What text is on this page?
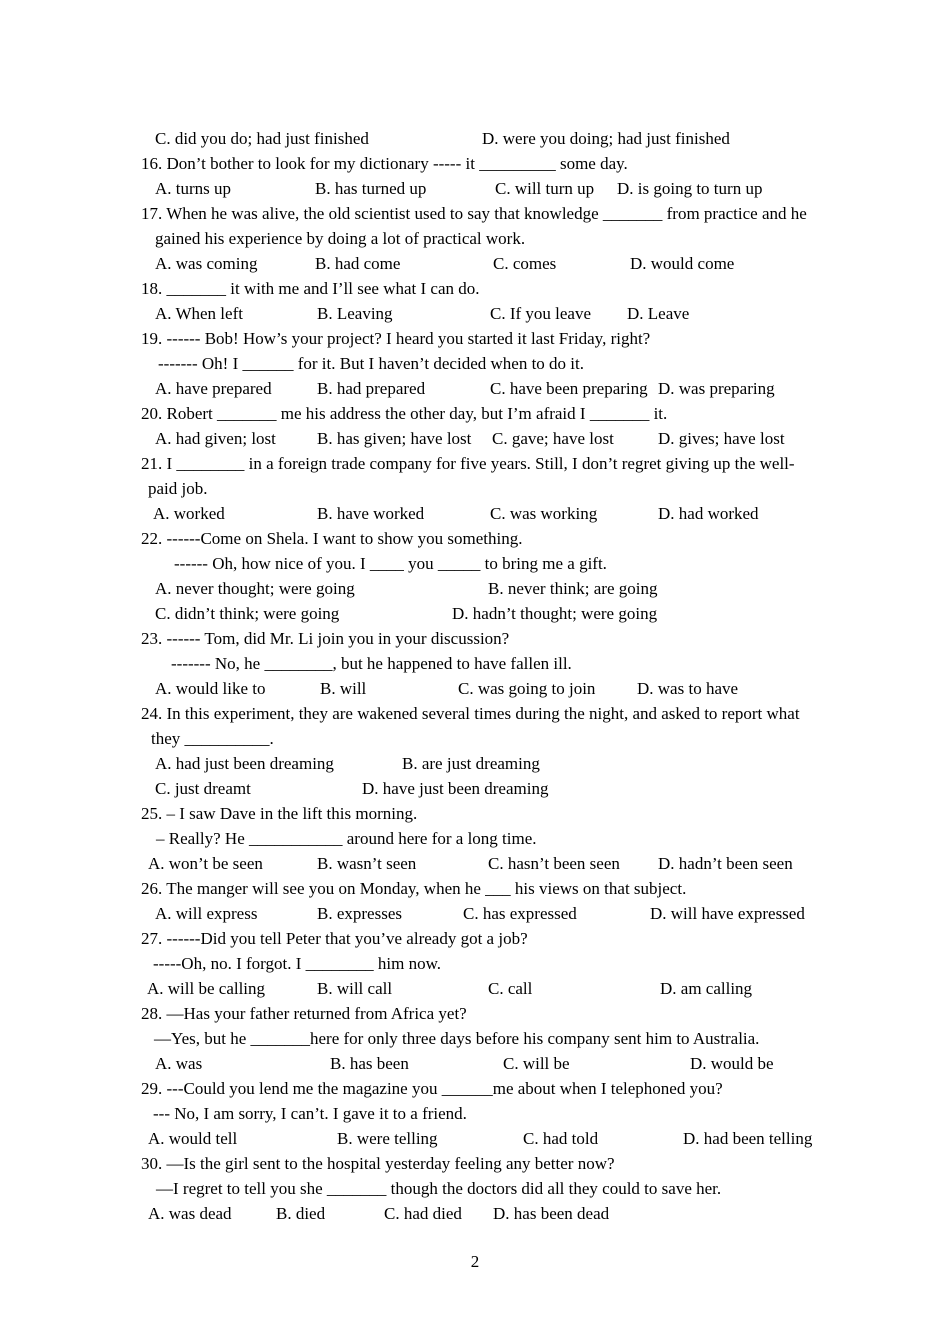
C. did you do; had just finished	D. were you doing; had just finished
16. Don’t bother to look for my dictionary ----- it _________ some day.
A. turns up	B. has turned up	C. will turn up D. is going to turn up
17. When he was alive, the old scientist used to say that knowledge _______ from practice and he
gained his experience by doing a lot of practical work.
A. was coming	B. had come	C. comes	D. would come
18. _______ it with me and I’ll see what I can do.
A. When left	B. Leaving	C. If you leave D. Leave
19. ------ Bob! How’s your project? I heard you started it last Friday, right?
------- Oh! I ______ for it. But I haven’t decided when to do it.
A. have prepared	B. had prepared	C. have been preparing D. was preparing
20. Robert _______ me his address the other day, but I’m afraid I _______ it.
A. had given; lost B. has given; have lost C. gave; have lost	D. gives; have lost
21. I ________ in a foreign trade company for five years. Still, I don’t regret giving up the well-
paid job.
A. worked	B. have worked	C. was working	D. had worked
22. ------Come on Shela. I want to show you something.
------ Oh, how nice of you. I ____ you _____ to bring me a gift.
A. never thought; were going	B. never think; are going
C. didn’t think; were going	D. hadn’t thought; were going
23. ------ Tom, did Mr. Li join you in your discussion?
------- No, he ________, but he happened to have fallen ill.
A. would like to	B. will	C. was going to join D. was to have
24. In this experiment, they are wakened several times during the night, and asked to report what
they __________.
A. had just been dreaming	B. are just dreaming
C. just dreamt	D. have just been dreaming
25. – I saw Dave in the lift this morning.
– Really? He ___________ around here for a long time.
A. won’t be seen	B. wasn’t seen	C. hasn’t been seen D. hadn’t been seen
26. The manger will see you on Monday, when he ___ his views on that subject.
A. will express	B. expresses	C. has expressed	D. will have expressed
27. ------Did you tell Peter that you’ve already got a job?
-----Oh, no. I forgot. I ________ him now.
A. will be calling	B. will call	C. call	D. am calling
28. —Has your father returned from Africa yet?
—Yes, but he _______here for only three days before his company sent him to Australia.
A. was	B. has been	C. will be	D. would be
29. ---Could you lend me the magazine you ______me about when I telephoned you?
--- No, I am sorry, I can’t. I gave it to a friend.
A. would tell	B. were telling	C. had told	D. had been telling
30. —Is the girl sent to the hospital yesterday feeling any better now?
—I regret to tell you she _______ though the doctors did all they could to save her.
A. was dead	B. died	C. had died D. has been dead
2
